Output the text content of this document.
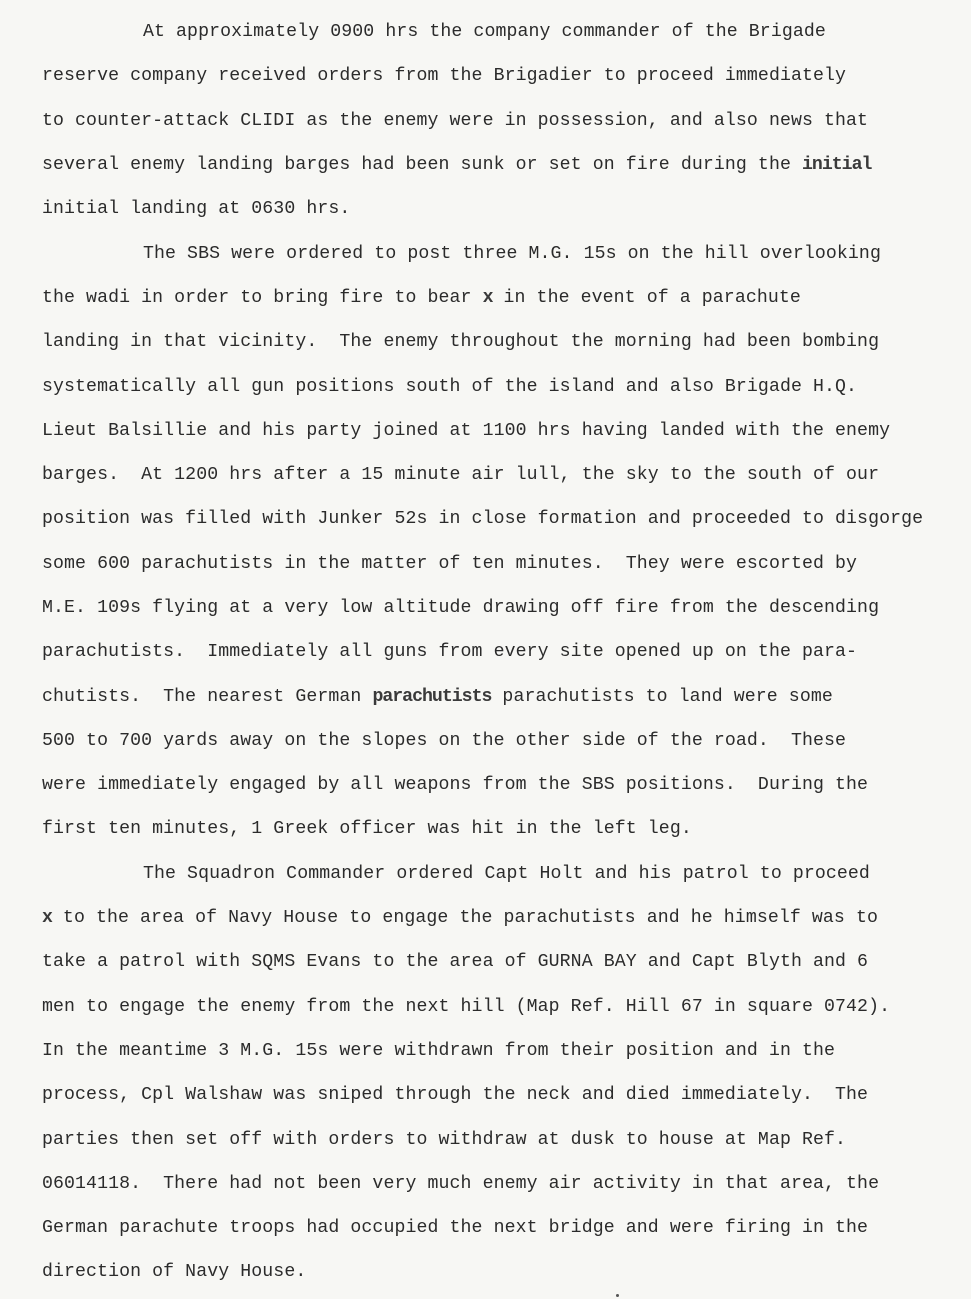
At approximately 0900 hrs the company commander of the Brigade
reserve company received orders from the Brigadier to proceed immediately
to counter-attack CLIDI as the enemy were in possession, and also news that
several enemy landing barges had been sunk or set on fire during the initial
initial landing at 0630 hrs.
The SBS were ordered to post three M.G. 15s on the hill overlooking
the wadi in order to bring fire to bear x in the event of a parachute
landing in that vicinity.  The enemy throughout the morning had been bombing
systematically all gun positions south of the island and also Brigade H.Q.
Lieut Balsillie and his party joined at 1100 hrs having landed with the enemy
barges.  At 1200 hrs after a 15 minute air lull, the sky to the south of our
position was filled with Junker 52s in close formation and proceeded to disgorge
some 600 parachutists in the matter of ten minutes.  They were escorted by
M.E. 109s flying at a very low altitude drawing off fire from the descending
parachutists.  Immediately all guns from every site opened up on the para-
chutists.  The nearest German parachutists parachutists to land were some
500 to 700 yards away on the slopes on the other side of the road.  These
were immediately engaged by all weapons from the SBS positions.  During the
first ten minutes, 1 Greek officer was hit in the left leg.
The Squadron Commander ordered Capt Holt and his patrol to proceed
x to the area of Navy House to engage the parachutists and he himself was to
take a patrol with SQMS Evans to the area of GURNA BAY and Capt Blyth and 6
men to engage the enemy from the next hill (Map Ref. Hill 67 in square 0742).
In the meantime 3 M.G. 15s were withdrawn from their position and in the
process, Cpl Walshaw was sniped through the neck and died immediately.  The
parties then set off with orders to withdraw at dusk to house at Map Ref.
06014118.  There had not been very much enemy air activity in that area, the
German parachute troops had occupied the next bridge and were firing in the
direction of Navy House.
